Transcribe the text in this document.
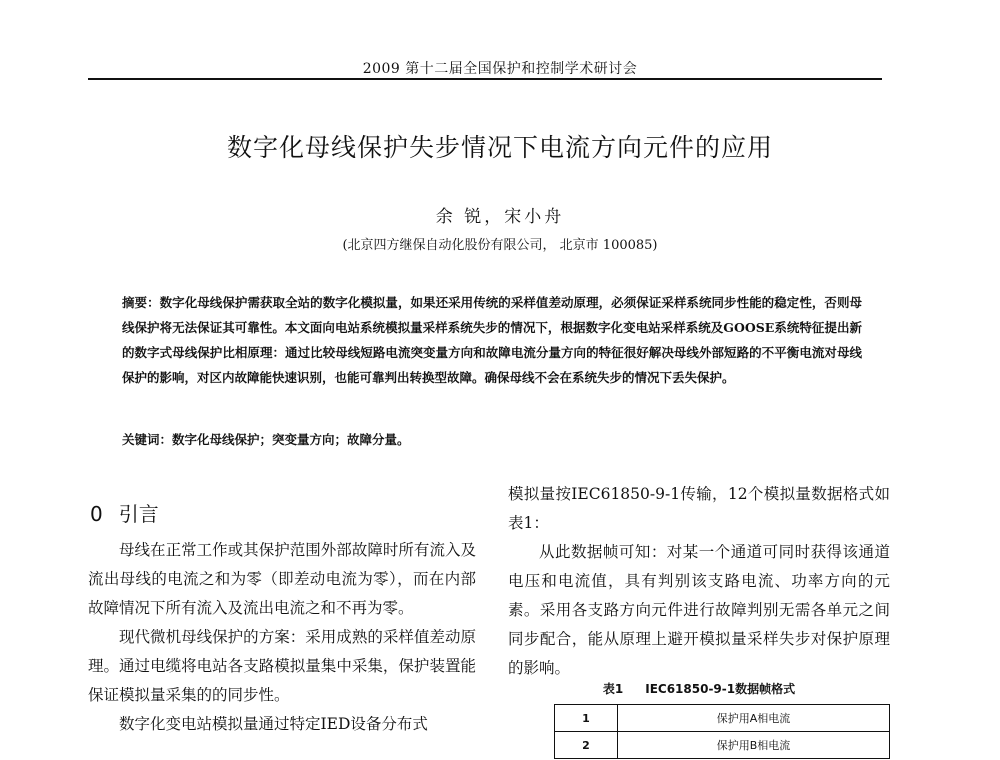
2009 第十二届全国保护和控制学术研讨会
数字化母线保护失步情况下电流方向元件的应用
余 锐，宋小舟
(北京四方继保自动化股份有限公司， 北京市 100085)
摘要：数字化母线保护需获取全站的数字化模拟量，如果还采用传统的采样值差动原理，必须保证采样系统同步性能的稳定性，否则母线保护将无法保证其可靠性。本文面向电站系统模拟量采样系统失步的情况下，根据数字化变电站采样系统及GOOSE系统特征提出新的数字式母线保护比相原理：通过比较母线短路电流突变量方向和故障电流分量方向的特征很好解决母线外部短路的不平衡电流对母线保护的影响，对区内故障能快速识别，也能可靠判出转换型故障。确保母线不会在系统失步的情况下丢失保护。
关键词：数字化母线保护；突变量方向；故障分量。
0 引言

母线在正常工作或其保护范围外部故障时所有流入及流出母线的电流之和为零（即差动电流为零），而在内部故障情况下所有流入及流出电流之和不再为零。

现代微机母线保护的方案：采用成熟的采样值差动原理。通过电缆将电站各支路模拟量集中采集，保护装置能保证模拟量采集的的同步性。

数字化变电站模拟量通过特定IED设备分布式

模拟量按IEC61850-9-1传输，12个模拟量数据格式如表1：

从此数据帧可知：对某一个通道可同时获得该通道电压和电流值，具有判别该支路电流、功率方向的元素。采用各支路方向元件进行故障判别无需各单元之间同步配合，能从原理上避开模拟量采样失步对保护原理的影响。

表1 IEC61850-9-1数据帧格式
1	保护用A相电流
2	保护用B相电流
